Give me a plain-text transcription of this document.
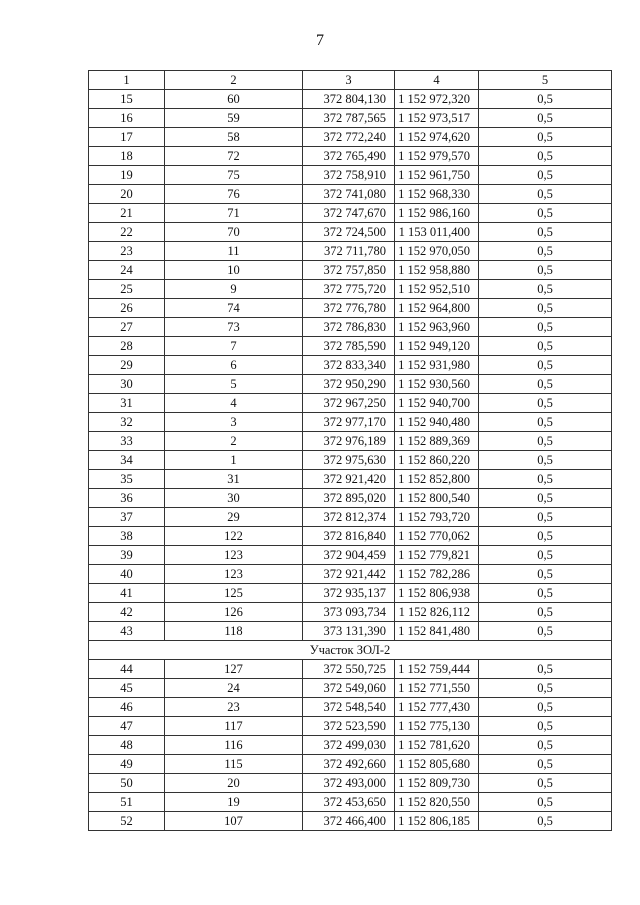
7
1	2	3	4	5
15	60	372 804,130	1 152 972,320	0,5
16	59	372 787,565	1 152 973,517	0,5
17	58	372 772,240	1 152 974,620	0,5
18	72	372 765,490	1 152 979,570	0,5
19	75	372 758,910	1 152 961,750	0,5
20	76	372 741,080	1 152 968,330	0,5
21	71	372 747,670	1 152 986,160	0,5
22	70	372 724,500	1 153 011,400	0,5
23	11	372 711,780	1 152 970,050	0,5
24	10	372 757,850	1 152 958,880	0,5
25	9	372 775,720	1 152 952,510	0,5
26	74	372 776,780	1 152 964,800	0,5
27	73	372 786,830	1 152 963,960	0,5
28	7	372 785,590	1 152 949,120	0,5
29	6	372 833,340	1 152 931,980	0,5
30	5	372 950,290	1 152 930,560	0,5
31	4	372 967,250	1 152 940,700	0,5
32	3	372 977,170	1 152 940,480	0,5
33	2	372 976,189	1 152 889,369	0,5
34	1	372 975,630	1 152 860,220	0,5
35	31	372 921,420	1 152 852,800	0,5
36	30	372 895,020	1 152 800,540	0,5
37	29	372 812,374	1 152 793,720	0,5
38	122	372 816,840	1 152 770,062	0,5
39	123	372 904,459	1 152 779,821	0,5
40	123	372 921,442	1 152 782,286	0,5
41	125	372 935,137	1 152 806,938	0,5
42	126	373 093,734	1 152 826,112	0,5
43	118	373 131,390	1 152 841,480	0,5
Участок ЗОЛ-2				
44	127	372 550,725	1 152 759,444	0,5
45	24	372 549,060	1 152 771,550	0,5
46	23	372 548,540	1 152 777,430	0,5
47	117	372 523,590	1 152 775,130	0,5
48	116	372 499,030	1 152 781,620	0,5
49	115	372 492,660	1 152 805,680	0,5
50	20	372 493,000	1 152 809,730	0,5
51	19	372 453,650	1 152 820,550	0,5
52	107	372 466,400	1 152 806,185	0,5
